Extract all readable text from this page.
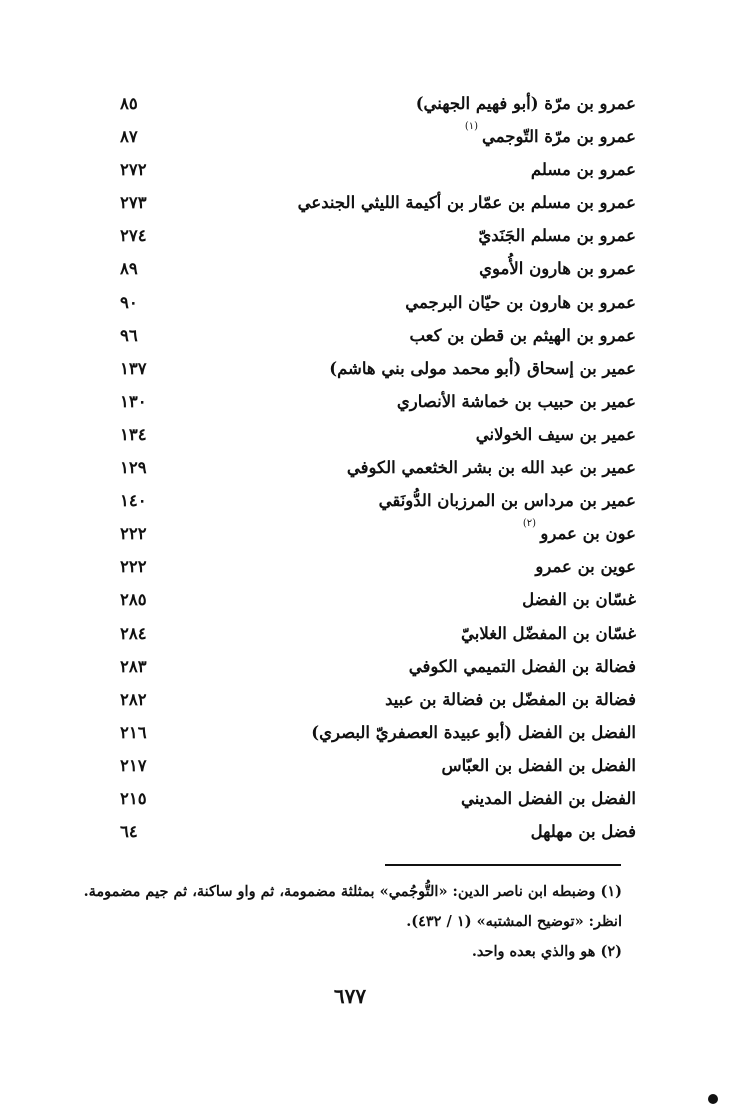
عمرو بن مرّة (أبو فهيم الجهني)
٨٥
عمرو بن مرّة التّوجمي
(١)
٨٧
عمرو بن مسلم
٢٧٢
عمرو بن مسلم بن عمّار بن أكيمة الليثي الجندعي
٢٧٣
عمرو بن مسلم الجَنَديّ
٢٧٤
عمرو بن هارون الأُموي
٨٩
عمرو بن هارون بن حيّان البرجمي
٩٠
عمرو بن الهيثم بن قطن بن كعب
٩٦
عمير بن إسحاق (أبو محمد مولى بني هاشم)
١٣٧
عمير بن حبيب بن خماشة الأنصاري
١٣٠
عمير بن سيف الخولاني
١٣٤
عمير بن عبد الله بن بشر الخثعمي الكوفي
١٢٩
عمير بن مرداس بن المرزبان الدُّونَقي
١٤٠
عون بن عمرو
(٢)
٢٢٢
عوين بن عمرو
٢٢٢
غسّان بن الفضل
٢٨٥
غسّان بن المفضّل الغلابيّ
٢٨٤
فضالة بن الفضل التميمي الكوفي
٢٨٣
فضالة بن المفضّل بن فضالة بن عبيد
٢٨٢
الفضل بن الفضل (أبو عبيدة العصفريّ البصري)
٢١٦
الفضل بن الفضل بن العبّاس
٢١٧
الفضل بن الفضل المديني
٢١٥
فضل بن مهلهل
٦٤
(١) وضبطه ابن ناصر الدين: «التُّوجُمي» بمثلثة مضمومة، ثم واو ساكنة، ثم جيم مضمومة.
انظر: «توضيح المشتبه» (١ / ٤٣٢).
(٢) هو والذي بعده واحد.
٦٧٧
